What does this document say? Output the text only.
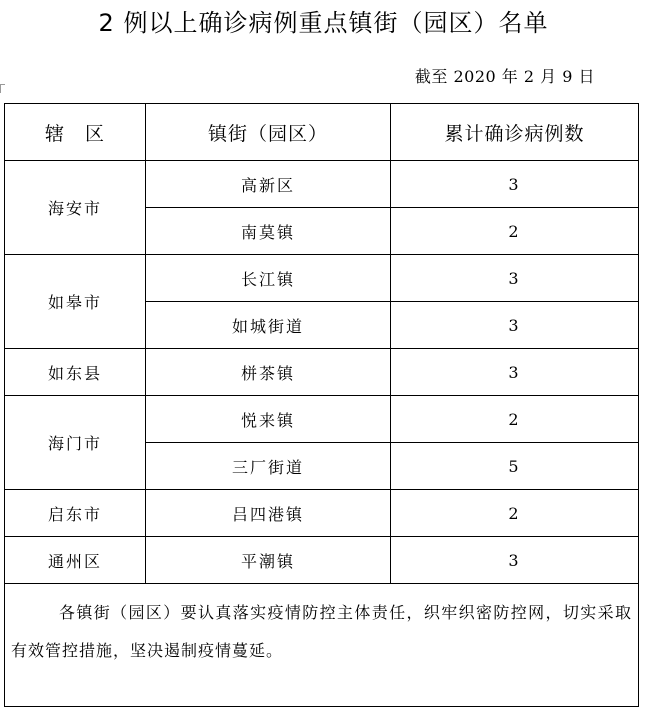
2 例以上确诊病例重点镇街（园区）名单
截至 2020 年 2 月 9 日
辖　区	镇街（园区）	累计确诊病例数
海安市	高新区	3
	南莫镇	2
如皋市	长江镇	3
	如城街道	3
如东县	栟茶镇	3
海门市	悦来镇	2
	三厂街道	5
启东市	吕四港镇	2
通州区	平潮镇	3

各镇街（园区）要认真落实疫情防控主体责任，织牢织密防控网，切实采取有效管控措施，坚决遏制疫情蔓延。		
